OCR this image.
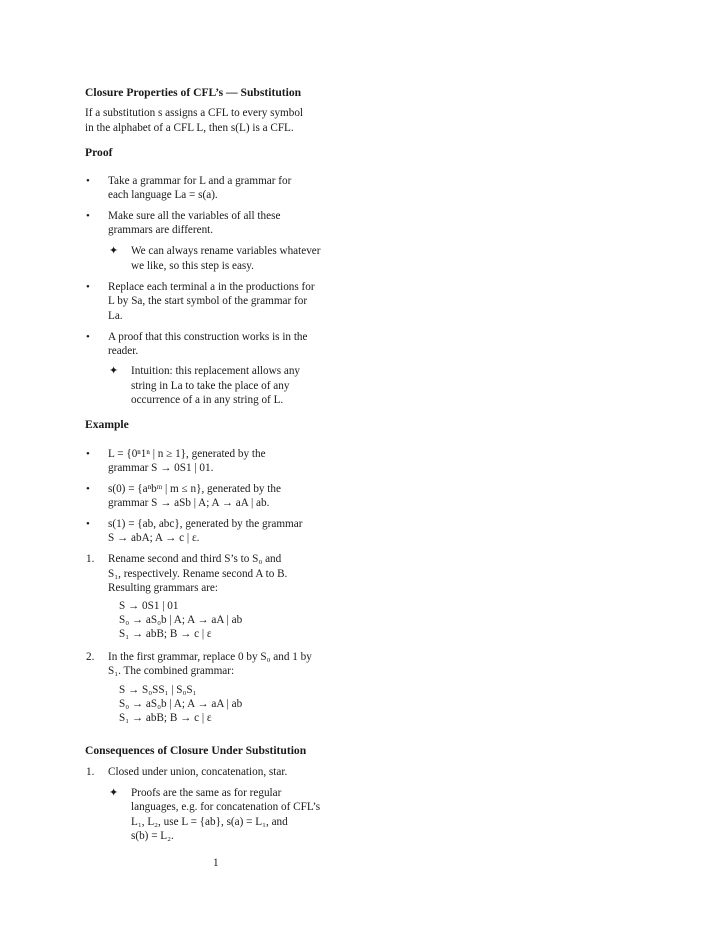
Closure Properties of CFL’s — Substitution
If a substitution s assigns a CFL to every symbol
in the alphabet of a CFL L, then s(L) is a CFL.
Proof
• Take a grammar for L and a grammar for
each language La = s(a).
• Make sure all the variables of all these
grammars are different.
✦ We can always rename variables whatever
we like, so this step is easy.
• Replace each terminal a in the productions for
L by Sa, the start symbol of the grammar for
La.
• A proof that this construction works is in the
reader.
✦ Intuition: this replacement allows any
string in La to take the place of any
occurrence of a in any string of L.
Example
• L = {0ⁿ1ⁿ | n ≥ 1}, generated by the
grammar S → 0S1 | 01.
• s(0) = {aⁿbᵐ | m ≤ n}, generated by the
grammar S → aSb | A; A → aA | ab.
• s(1) = {ab, abc}, generated by the grammar
S → abA; A → c | ε.
1. Rename second and third S’s to S₀ and
S₁, respectively. Rename second A to B.
Resulting grammars are:
S → 0S1 | 01
S₀ → aS₀b | A; A → aA | ab
S₁ → abB; B → c | ε
2. In the first grammar, replace 0 by S₀ and 1 by
S₁. The combined grammar:
S → S₀SS₁ | S₀S₁
S₀ → aS₀b | A; A → aA | ab
S₁ → abB; B → c | ε
Consequences of Closure Under Substitution
1. Closed under union, concatenation, star.
✦ Proofs are the same as for regular
languages, e.g. for concatenation of CFL’s
L₁, L₂, use L = {ab}, s(a) = L₁, and
s(b) = L₂.
1
